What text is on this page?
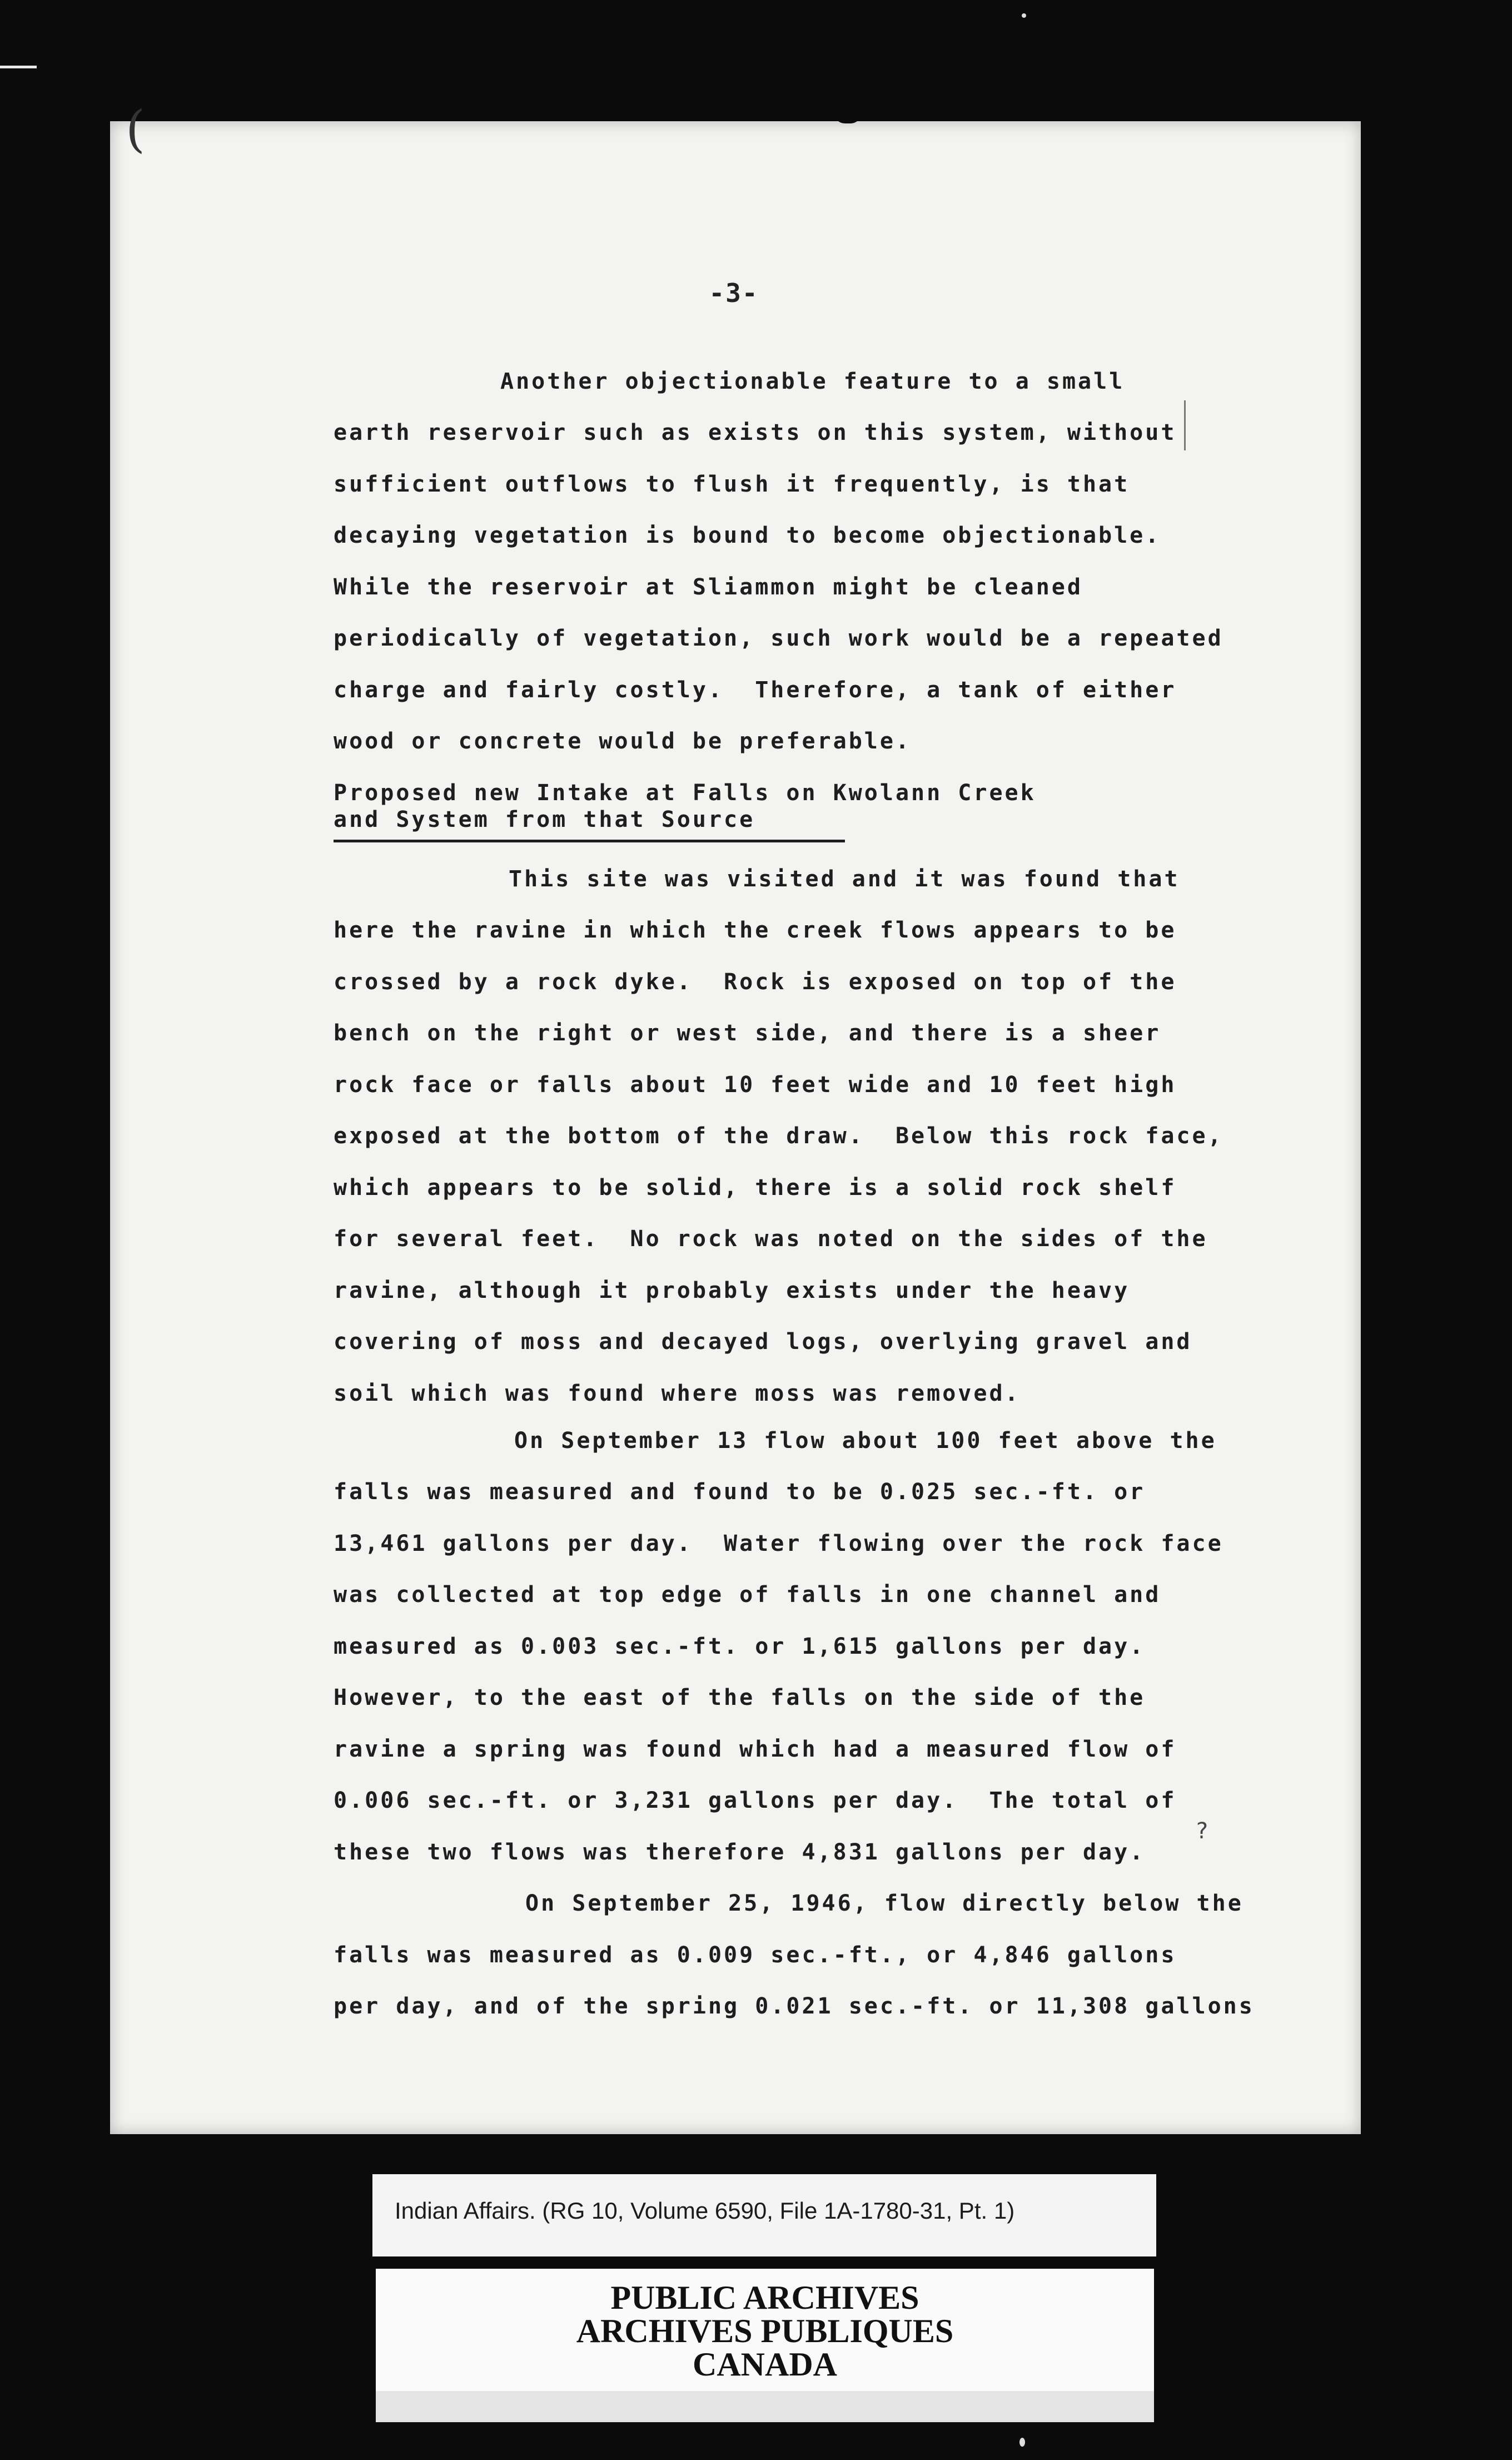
(
-3-
Another objectionable feature to a small
earth reservoir such as exists on this system, without
sufficient outflows to flush it frequently, is that
decaying vegetation is bound to become objectionable.
While the reservoir at Sliammon might be cleaned
periodically of vegetation, such work would be a repeated
charge and fairly costly.  Therefore, a tank of either
wood or concrete would be preferable.
Proposed new Intake at Falls on Kwolann Creek
and System from that Source
This site was visited and it was found that
here the ravine in which the creek flows appears to be
crossed by a rock dyke.  Rock is exposed on top of the
bench on the right or west side, and there is a sheer
rock face or falls about 10 feet wide and 10 feet high
exposed at the bottom of the draw.  Below this rock face,
which appears to be solid, there is a solid rock shelf
for several feet.  No rock was noted on the sides of the
ravine, although it probably exists under the heavy
covering of moss and decayed logs, overlying gravel and
soil which was found where moss was removed.
On September 13 flow about 100 feet above the
falls was measured and found to be 0.025 sec.-ft. or
13,461 gallons per day.  Water flowing over the rock face
was collected at top edge of falls in one channel and
measured as 0.003 sec.-ft. or 1,615 gallons per day.
However, to the east of the falls on the side of the
ravine a spring was found which had a measured flow of
0.006 sec.-ft. or 3,231 gallons per day.  The total of
these two flows was therefore 4,831 gallons per day.
?
On September 25, 1946, flow directly below the
falls was measured as 0.009 sec.-ft., or 4,846 gallons
per day, and of the spring 0.021 sec.-ft. or 11,308 gallons
Indian Affairs. (RG 10, Volume 6590, File 1A-1780-31, Pt. 1)
PUBLIC ARCHIVES
ARCHIVES PUBLIQUES
CANADA
